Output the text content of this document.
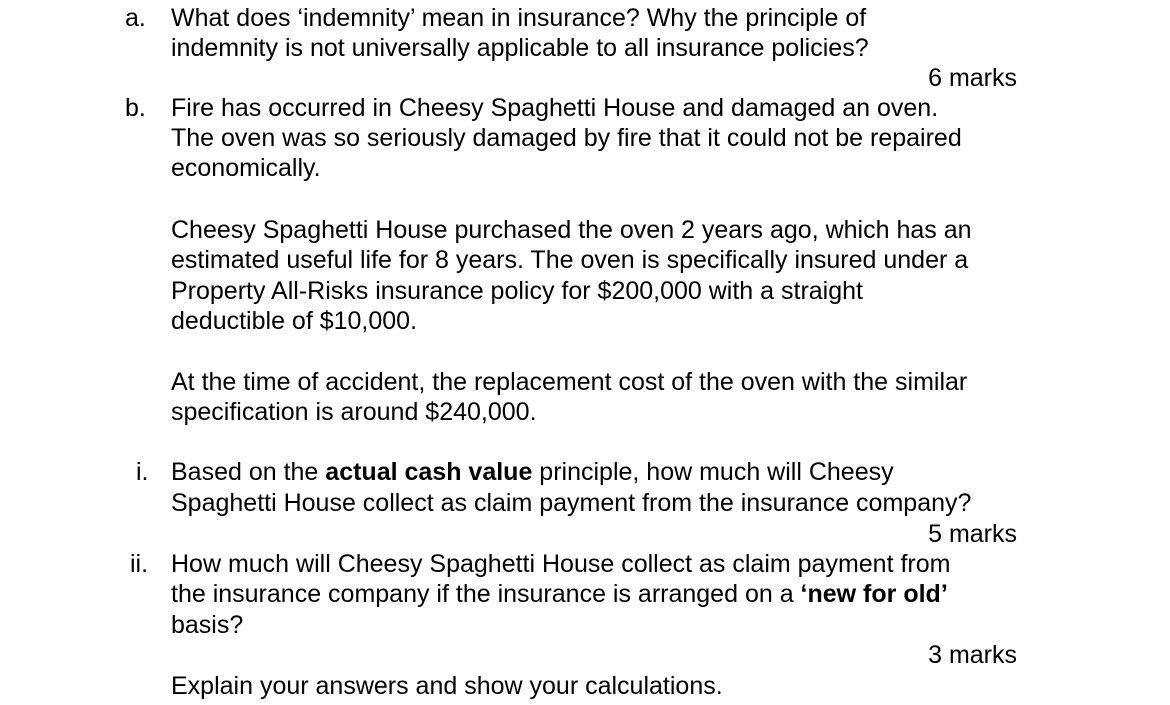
a. What does ‘indemnity’ mean in insurance? Why the principle of
indemnity is not universally applicable to all insurance policies?
6 marks
b. Fire has occurred in Cheesy Spaghetti House and damaged an oven.
The oven was so seriously damaged by fire that it could not be repaired
economically.
Cheesy Spaghetti House purchased the oven 2 years ago, which has an
estimated useful life for 8 years. The oven is specifically insured under a
Property All-Risks insurance policy for $200,000 with a straight
deductible of $10,000.
At the time of accident, the replacement cost of the oven with the similar
specification is around $240,000.
i. Based on the actual cash value principle, how much will Cheesy
Spaghetti House collect as claim payment from the insurance company?
5 marks
ii. How much will Cheesy Spaghetti House collect as claim payment from
the insurance company if the insurance is arranged on a ‘new for old’
basis?
3 marks
Explain your answers and show your calculations.
